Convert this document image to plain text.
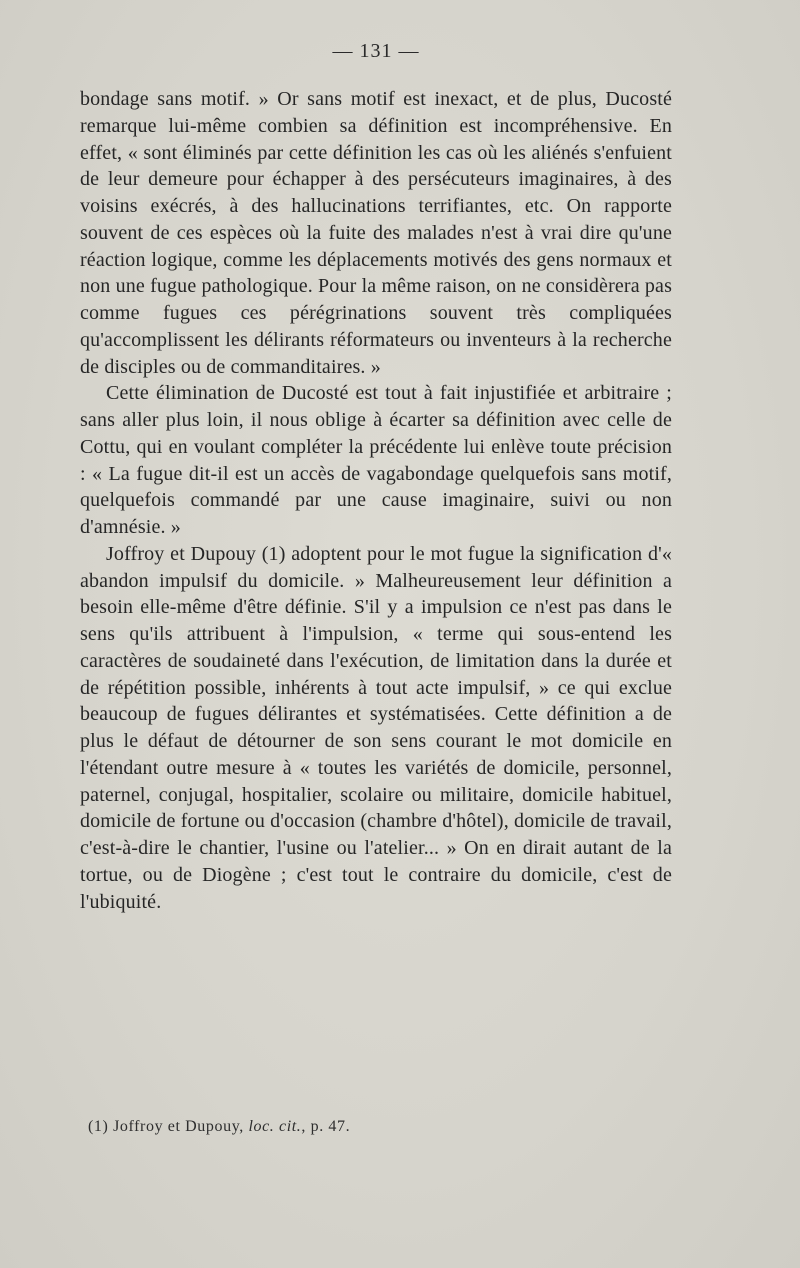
— 131 —

bondage sans motif. » Or sans motif est inexact, et de plus, Ducosté remarque lui-même combien sa définition est incompréhensive. En effet, « sont éliminés par cette définition les cas où les aliénés s'enfuient de leur demeure pour échapper à des persécuteurs imaginaires, à des voisins exécrés, à des hallucinations terrifiantes, etc. On rapporte souvent de ces espèces où la fuite des malades n'est à vrai dire qu'une réaction logique, comme les déplacements motivés des gens normaux et non une fugue pathologique. Pour la même raison, on ne considèrera pas comme fugues ces pérégrinations souvent très compliquées qu'accomplissent les délirants réformateurs ou inventeurs à la recherche de disciples ou de commanditaires. »

Cette élimination de Ducosté est tout à fait injustifiée et arbitraire ; sans aller plus loin, il nous oblige à écarter sa définition avec celle de Cottu, qui en voulant compléter la précédente lui enlève toute précision : « La fugue dit-il est un accès de vagabondage quelquefois sans motif, quelquefois commandé par une cause imaginaire, suivi ou non d'amnésie. »

Joffroy et Dupouy (1) adoptent pour le mot fugue la signification d'« abandon impulsif du domicile. » Malheureusement leur définition a besoin elle-même d'être définie. S'il y a impulsion ce n'est pas dans le sens qu'ils attribuent à l'impulsion, « terme qui sous-entend les caractères de soudaineté dans l'exécution, de limitation dans la durée et de répétition possible, inhérents à tout acte impulsif, » ce qui exclue beaucoup de fugues délirantes et systématisées. Cette définition a de plus le défaut de détourner de son sens courant le mot domicile en l'étendant outre mesure à « toutes les variétés de domicile, personnel, paternel, conjugal, hospitalier, scolaire ou militaire, domicile habituel, domicile de fortune ou d'occasion (chambre d'hôtel), domicile de travail, c'est-à-dire le chantier, l'usine ou l'atelier... » On en dirait autant de la tortue, ou de Diogène ; c'est tout le contraire du domicile, c'est de l'ubiquité.

(1) Joffroy et Dupouy, loc. cit., p. 47.
